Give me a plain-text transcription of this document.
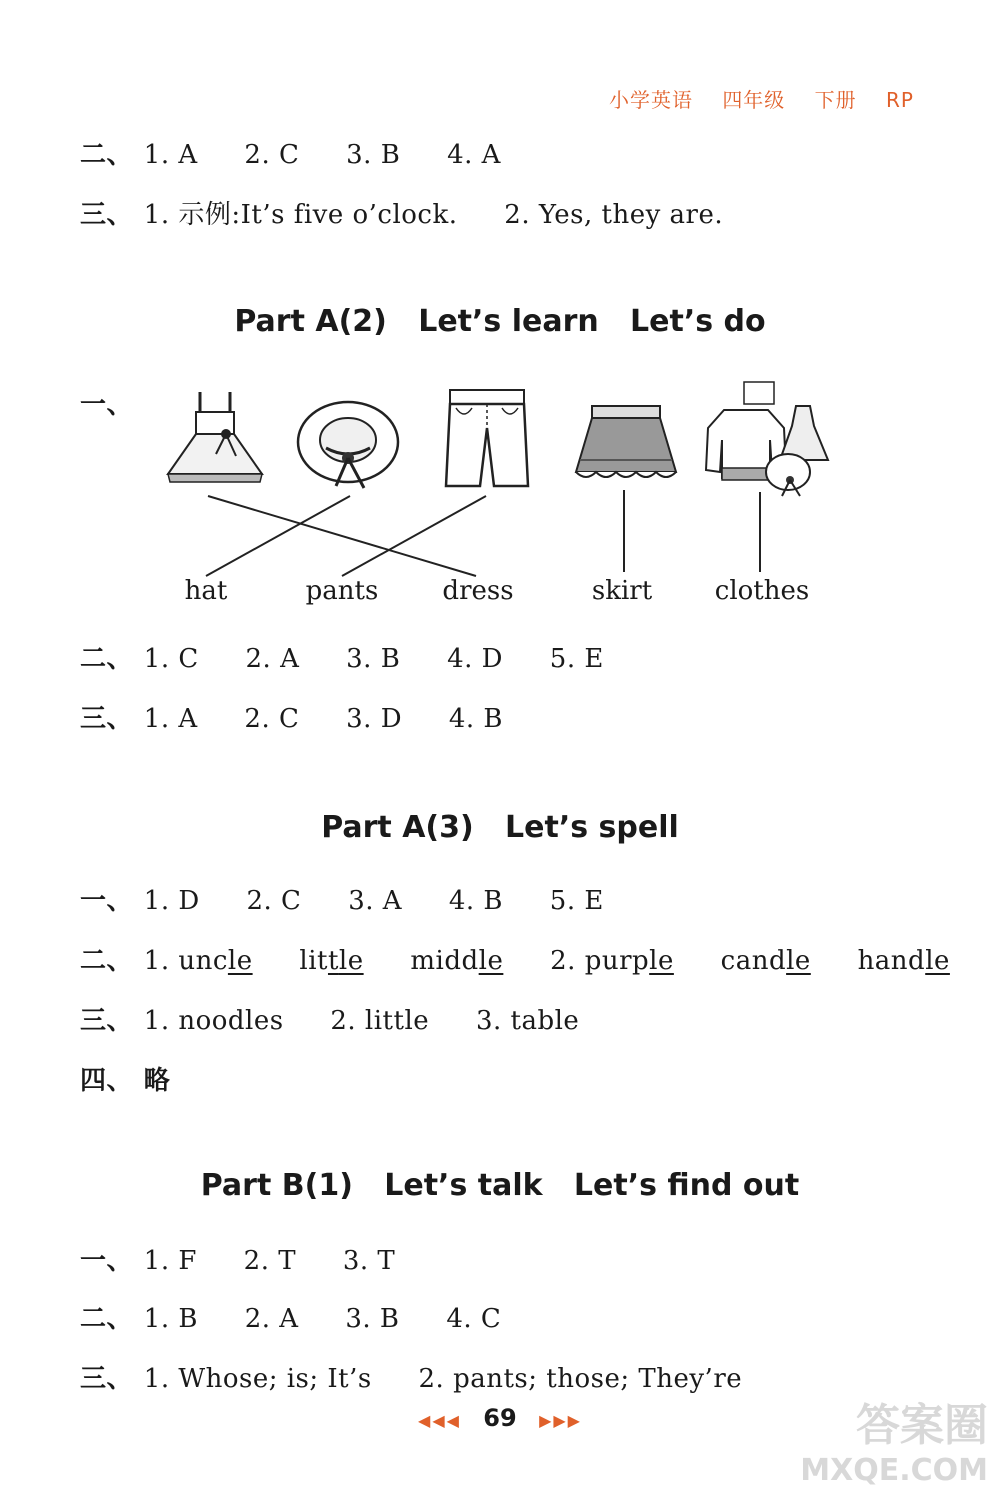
小学英语 四年级 下册 RP
二、 1. A 2. C 3. B 4. A
三、 1. 示例:It’s five o’clock. 2. Yes, they are.
Part A(2)   Let’s learn   Let’s do
一、
hat	pants dress	skirt clothes
二、 1. C 2. A 3. B 4. D 5. E
三、 1. A 2. C 3. D 4. B
Part A(3)   Let’s spell
一、 1. D 2. C 3. A 4. B 5. E
二、 1. uncle little middle 2. purple candle handle
三、 1. noodles 2. little 3. table
四、 略
Part B(1)   Let’s talk   Let’s find out
一、 1. F 2. T 3. T
二、 1. B 2. A 3. B 4. C
三、 1. Whose; is; It’s 2. pants; those; They’re
◀◀◀ 69 ▶▶▶	答案圈
MXQE.COM
